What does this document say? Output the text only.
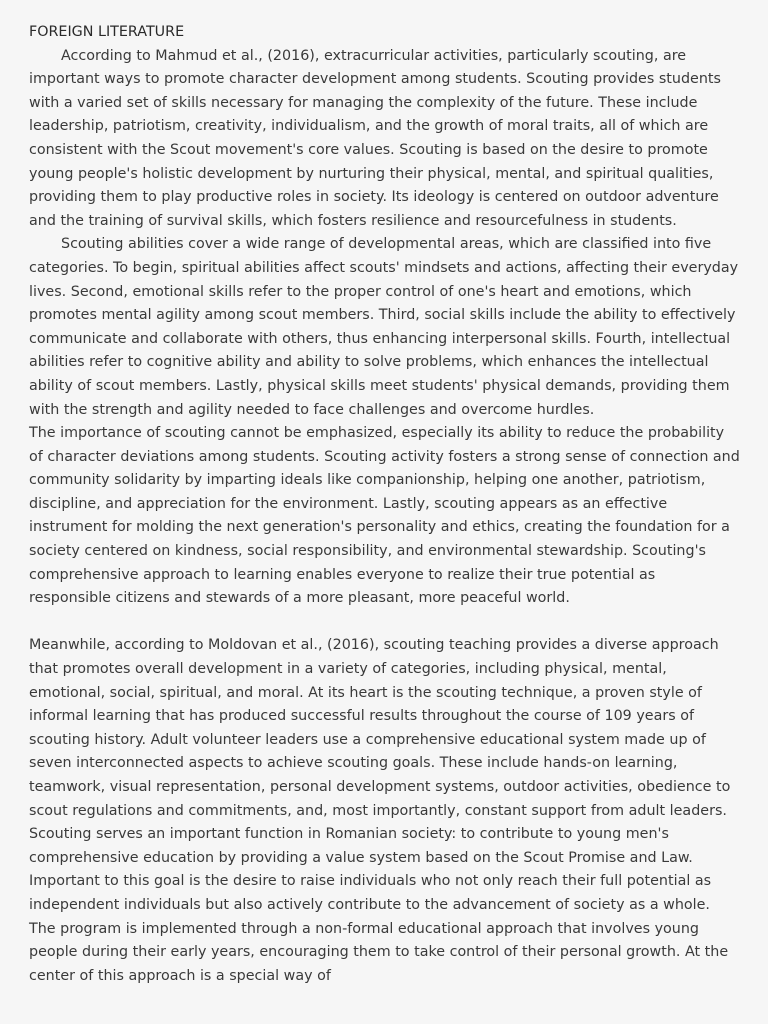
FOREIGN LITERATURE

According to Mahmud et al., (2016), extracurricular activities, particularly scouting, are important ways to promote character development among students. Scouting provides students with a varied set of skills necessary for managing the complexity of the future. These include leadership, patriotism, creativity, individualism, and the growth of moral traits, all of which are consistent with the Scout movement's core values. Scouting is based on the desire to promote young people's holistic development by nurturing their physical, mental, and spiritual qualities, providing them to play productive roles in society. Its ideology is centered on outdoor adventure and the training of survival skills, which fosters resilience and resourcefulness in students.

Scouting abilities cover a wide range of developmental areas, which are classified into five categories. To begin, spiritual abilities affect scouts' mindsets and actions, affecting their everyday lives. Second, emotional skills refer to the proper control of one's heart and emotions, which promotes mental agility among scout members. Third, social skills include the ability to effectively communicate and collaborate with others, thus enhancing interpersonal skills. Fourth, intellectual abilities refer to cognitive ability and ability to solve problems, which enhances the intellectual ability of scout members. Lastly, physical skills meet students' physical demands, providing them with the strength and agility needed to face challenges and overcome hurdles.

The importance of scouting cannot be emphasized, especially its ability to reduce the probability of character deviations among students. Scouting activity fosters a strong sense of connection and community solidarity by imparting ideals like companionship, helping one another, patriotism, discipline, and appreciation for the environment. Lastly, scouting appears as an effective instrument for molding the next generation's personality and ethics, creating the foundation for a society centered on kindness, social responsibility, and environmental stewardship. Scouting's comprehensive approach to learning enables everyone to realize their true potential as responsible citizens and stewards of a more pleasant, more peaceful world.

Meanwhile, according to Moldovan et al., (2016), scouting teaching provides a diverse approach that promotes overall development in a variety of categories, including physical, mental, emotional, social, spiritual, and moral. At its heart is the scouting technique, a proven style of informal learning that has produced successful results throughout the course of 109 years of scouting history. Adult volunteer leaders use a comprehensive educational system made up of seven interconnected aspects to achieve scouting goals. These include hands-on learning, teamwork, visual representation, personal development systems, outdoor activities, obedience to scout regulations and commitments, and, most importantly, constant support from adult leaders. Scouting serves an important function in Romanian society: to contribute to young men's comprehensive education by providing a value system based on the Scout Promise and Law. Important to this goal is the desire to raise individuals who not only reach their full potential as independent individuals but also actively contribute to the advancement of society as a whole. The program is implemented through a non-formal educational approach that involves young people during their early years, encouraging them to take control of their personal growth. At the center of this approach is a special way of
